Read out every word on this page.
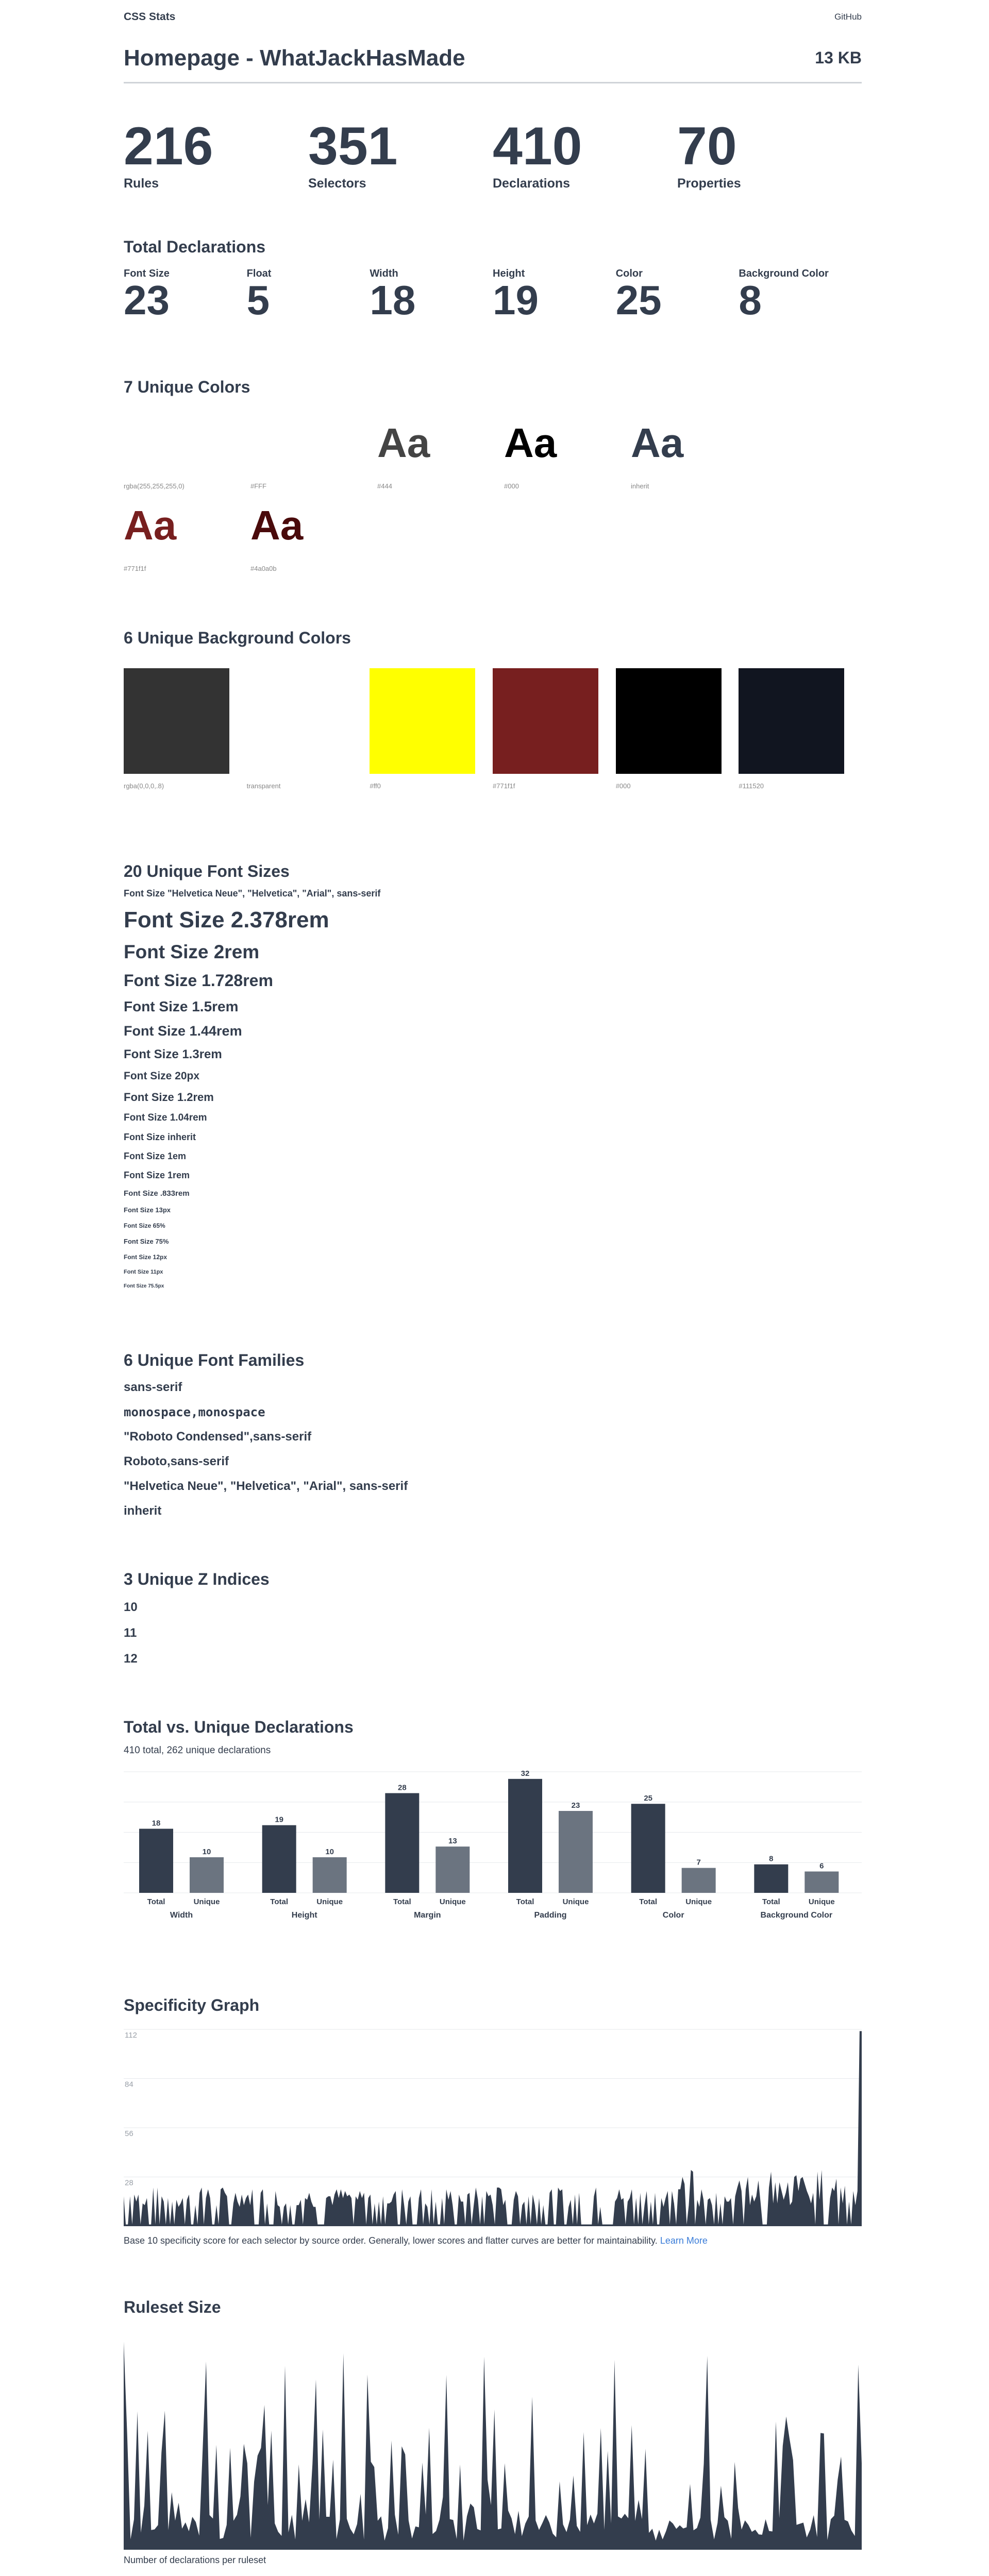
CSS Stats	GitHub
Homepage - WhatJackHasMade	13 KB
216
Rules
351
Selectors
410
Declarations
70
Properties
Total Declarations
Font Size
23
Float
5
Width
18
Height
19
Color
25
Background Color
8
7 Unique Colors
rgba(255,255,255,0)
Aa
#FFF
Aa
#444
Aa
#000
Aa
inherit
Aa
#771f1f
Aa
#4a0a0b
6 Unique Background Colors
rgba(0,0,0,.8)	transparent	#ff0	#771f1f	#000	#111520
20 Unique Font Sizes
Font Size "Helvetica Neue", "Helvetica", "Arial", sans-serif
Font Size 2.378rem
Font Size 2rem
Font Size 1.728rem
Font Size 1.5rem
Font Size 1.44rem
Font Size 1.3rem
Font Size 20px
Font Size 1.2rem
Font Size 1.04rem
Font Size inherit
Font Size 1em
Font Size 1rem
Font Size .833rem
Font Size 13px
Font Size 65%
Font Size 75%
Font Size 12px
Font Size 11px
Font Size 75.5px
6 Unique Font Families
sans-serif
monospace,monospace
"Roboto Condensed",sans-serif
Roboto,sans-serif
"Helvetica Neue", "Helvetica", "Arial", sans-serif
inherit
3 Unique Z Indices
10
11
12
Total vs. Unique Declarations
410 total, 262 unique declarations
18
Total
10
Unique
Width
19
Total
10
Unique
Height
28
Total
13
Unique
Margin
32
Total
23
Unique
Padding
25
Total
7
Unique
Color
8
Total
6
Unique
Background Color
Specificity Graph
112
84
56
28
Base 10 specificity score for each selector by source order. Generally, lower scores and flatter curves are better for maintainability. Learn More
Ruleset Size
Number of declarations per ruleset
